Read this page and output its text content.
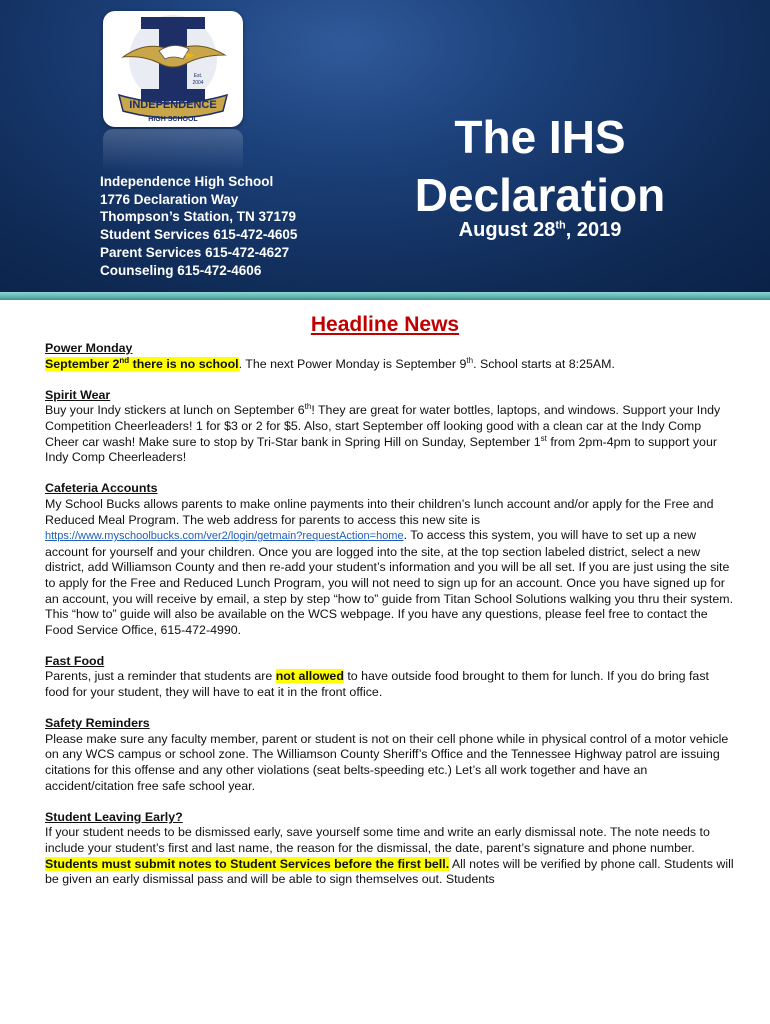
INDEPENDENCE
HIGH SCHOOL
Est.
2004
Independence High School
1776 Declaration Way
Thompson’s Station, TN 37179
Student Services 615-472-4605
Parent Services 615-472-4627
Counseling 615-472-4606
The IHS
Declaration
August 28th, 2019
Headline News
Power Monday

September 2nd there is no school. The next Power Monday is September 9th. School starts at 8:25AM.

Spirit Wear

Buy your Indy stickers at lunch on September 6th! They are great for water bottles, laptops, and windows. Support your Indy Competition Cheerleaders! 1 for $3 or 2 for $5. Also, start September off looking good with a clean car at the Indy Comp Cheer car wash! Make sure to stop by Tri-Star bank in Spring Hill on Sunday, September 1st from 2pm-4pm to support your Indy Comp Cheerleaders!

Cafeteria Accounts

My School Bucks allows parents to make online payments into their children’s lunch account and/or apply for the Free and Reduced Meal Program. The web address for parents to access this new site is https://www.myschoolbucks.com/ver2/login/getmain?requestAction=home. To access this system, you will have to set up a new account for yourself and your children. Once you are logged into the site, at the top section labeled district, select a new district, add Williamson County and then re-add your student’s information and you will be all set. If you are just using the site to apply for the Free and Reduced Lunch Program, you will not need to sign up for an account. Once you have signed up for an account, you will receive by email, a step by step “how to” guide from Titan School Solutions walking you thru their system. This “how to” guide will also be available on the WCS webpage. If you have any questions, please feel free to contact the Food Service Office, 615-472-4990.

Fast Food

Parents, just a reminder that students are not allowed to have outside food brought to them for lunch. If you do bring fast food for your student, they will have to eat it in the front office.

Safety Reminders

Please make sure any faculty member, parent or student is not on their cell phone while in physical control of a motor vehicle on any WCS campus or school zone. The Williamson County Sheriff’s Office and the Tennessee Highway patrol are issuing citations for this offense and any other violations (seat belts-speeding etc.) Let’s all work together and have an accident/citation free safe school year.

Student Leaving Early?

If your student needs to be dismissed early, save yourself some time and write an early dismissal note. The note needs to include your student’s first and last name, the reason for the dismissal, the date, parent’s signature and phone number. Students must submit notes to Student Services before the first bell. All notes will be verified by phone call. Students will be given an early dismissal pass and will be able to sign themselves out. Students
